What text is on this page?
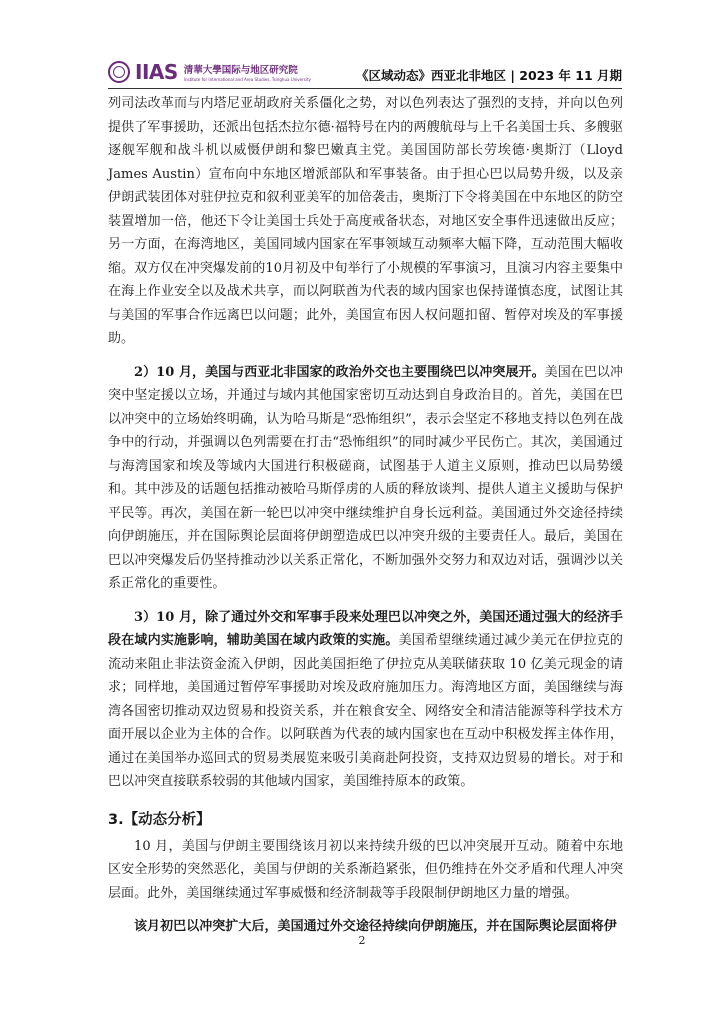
IIAS 清華大學国际与地区研究院
Institute for International and Area Studies, Tsinghua University	《区域动态》西亚北非地区 | 2023 年 11 月期

列司法改革而与内塔尼亚胡政府关系僵化之势，对以色列表达了强烈的支持，并向以色列提供了军事援助，还派出包括杰拉尔德·福特号在内的两艘航母与上千名美国士兵、多艘驱逐舰军舰和战斗机以威慑伊朗和黎巴嫩真主党。美国国防部长劳埃德·奥斯汀（Lloyd James Austin）宣布向中东地区增派部队和军事装备。由于担心巴以局势升级，以及亲伊朗武装团体对驻伊拉克和叙利亚美军的加倍袭击，奥斯汀下令将美国在中东地区的防空装置增加一倍，他还下令让美国士兵处于高度戒备状态，对地区安全事件迅速做出反应；另一方面，在海湾地区，美国同域内国家在军事领域互动频率大幅下降，互动范围大幅收缩。双方仅在冲突爆发前的10月初及中旬举行了小规模的军事演习，且演习内容主要集中在海上作业安全以及战术共享，而以阿联酋为代表的域内国家也保持谨慎态度，试图让其与美国的军事合作远离巴以问题；此外，美国宣布因人权问题扣留、暂停对埃及的军事援助。

2）10 月，美国与西亚北非国家的政治外交也主要围绕巴以冲突展开。美国在巴以冲突中坚定援以立场，并通过与域内其他国家密切互动达到自身政治目的。首先，美国在巴以冲突中的立场始终明确，认为哈马斯是“恐怖组织”，表示会坚定不移地支持以色列在战争中的行动，并强调以色列需要在打击“恐怖组织”的同时减少平民伤亡。其次，美国通过与海湾国家和埃及等域内大国进行积极磋商，试图基于人道主义原则，推动巴以局势缓和。其中涉及的话题包括推动被哈马斯俘虏的人质的释放谈判、提供人道主义援助与保护平民等。再次，美国在新一轮巴以冲突中继续维护自身长远利益。美国通过外交途径持续向伊朗施压，并在国际舆论层面将伊朗塑造成巴以冲突升级的主要责任人。最后，美国在巴以冲突爆发后仍坚持推动沙以关系正常化，不断加强外交努力和双边对话，强调沙以关系正常化的重要性。

3）10 月，除了通过外交和军事手段来处理巴以冲突之外，美国还通过强大的经济手段在域内实施影响，辅助美国在域内政策的实施。美国希望继续通过减少美元在伊拉克的流动来阻止非法资金流入伊朗，因此美国拒绝了伊拉克从美联储获取 10 亿美元现金的请求；同样地，美国通过暂停军事援助对埃及政府施加压力。海湾地区方面，美国继续与海湾各国密切推动双边贸易和投资关系，并在粮食安全、网络安全和清洁能源等科学技术方面开展以企业为主体的合作。以阿联酋为代表的域内国家也在互动中积极发挥主体作用，通过在美国举办巡回式的贸易类展览来吸引美商赴阿投资，支持双边贸易的增长。对于和巴以冲突直接联系较弱的其他域内国家，美国维持原本的政策。

3.【动态分析】

10 月，美国与伊朗主要围绕该月初以来持续升级的巴以冲突展开互动。随着中东地区安全形势的突然恶化，美国与伊朗的关系渐趋紧张，但仍维持在外交矛盾和代理人冲突层面。此外，美国继续通过军事威慑和经济制裁等手段限制伊朗地区力量的增强。

该月初巴以冲突扩大后，美国通过外交途径持续向伊朗施压，并在国际舆论层面将伊

2
